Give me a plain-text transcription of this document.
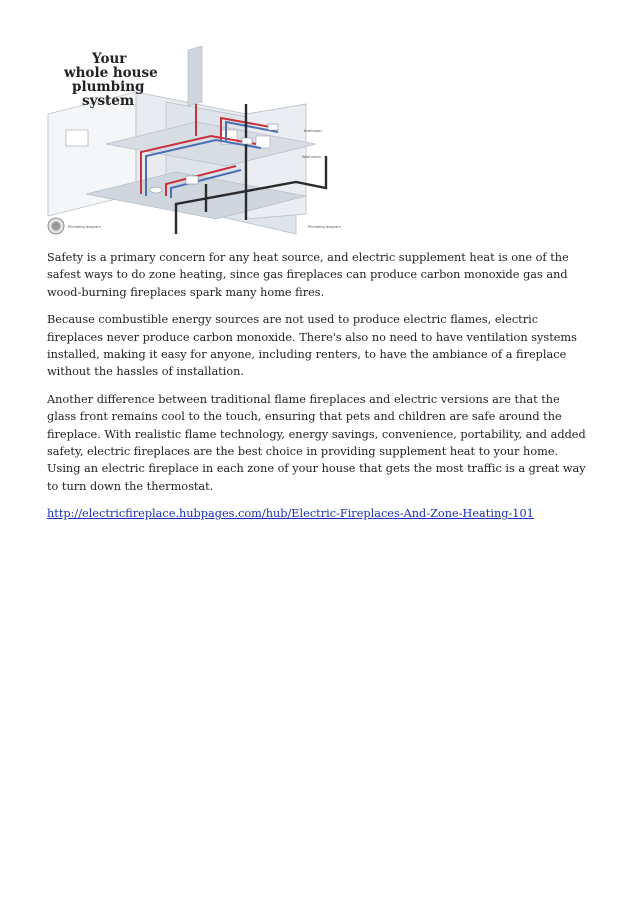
Your
whole house
plumbing
system
Bathroom
Washroom
Plumbing diagram	Plumbing diagram

Safety is a primary concern for any heat source, and electric supplement heat is one of the safest ways to do zone heating, since gas fireplaces can produce carbon monoxide gas and wood-burning fireplaces spark many home fires.

Because combustible energy sources are not used to produce electric flames, electric fireplaces never produce carbon monoxide. There's also no need to have ventilation systems installed, making it easy for anyone, including renters, to have the ambiance of a fireplace without the hassles of installation.

Another difference between traditional flame fireplaces and electric versions are that the glass front remains cool to the touch, ensuring that pets and children are safe around the fireplace. With realistic flame technology, energy savings, convenience, portability, and added safety, electric fireplaces are the best choice in providing supplement heat to your home. Using an electric fireplace in each zone of your house that gets the most traffic is a great way to turn down the thermostat.

http://electricfireplace.hubpages.com/hub/Electric-Fireplaces-And-Zone-Heating-101
